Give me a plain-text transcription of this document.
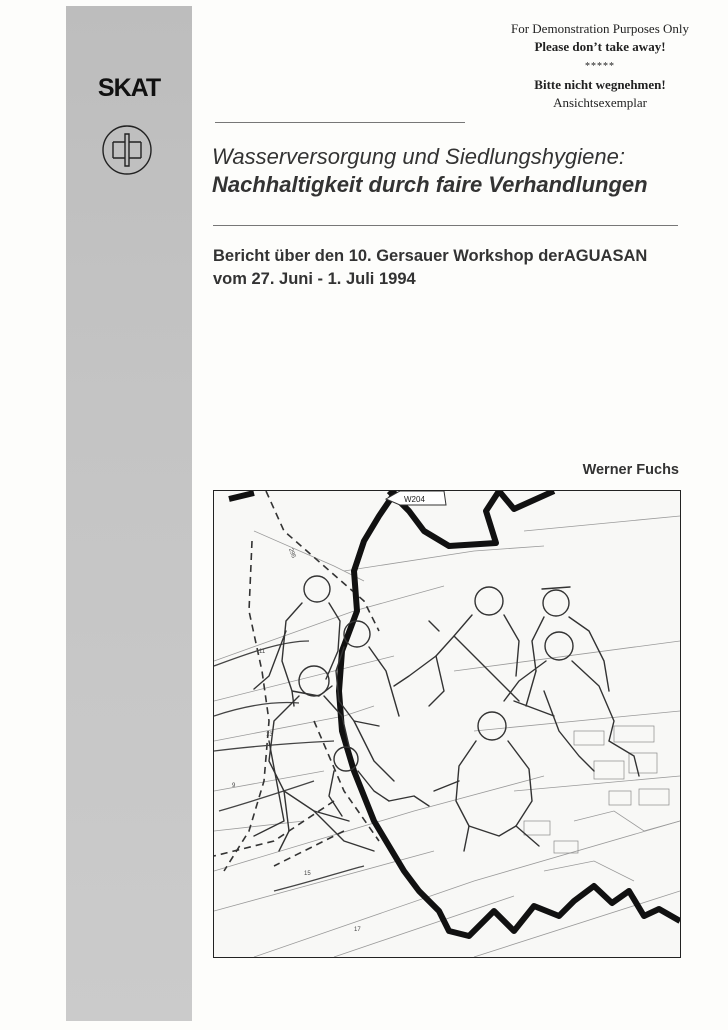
SKAT
For Demonstration Purposes Only
Please don’t take away!
*****
Bitte nicht wegnehmen!
Ansichtsexemplar
Wasserversorgung und Siedlungshygiene:
Nachhaltigkeit durch faire Verhandlungen
Bericht über den 10. Gersauer Workshop derAGUASAN
vom 27. Juni - 1. Juli 1994
Werner Fuchs
W204
295
9
13
11
15
17
